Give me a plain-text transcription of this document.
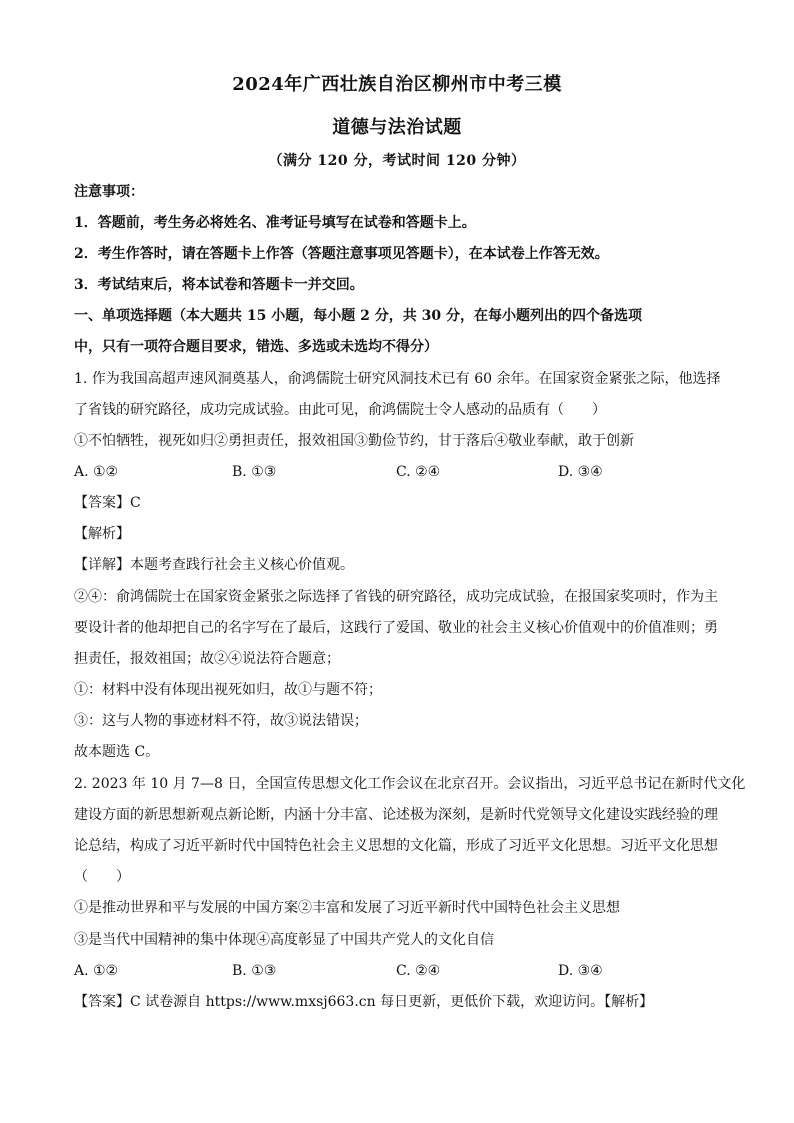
2024年广西壮族自治区柳州市中考三模
道德与法治试题
（满分 120 分，考试时间 120 分钟）
注意事项：
1．答题前，考生务必将姓名、准考证号填写在试卷和答题卡上。
2．考生作答时，请在答题卡上作答（答题注意事项见答题卡），在本试卷上作答无效。
3．考试结束后，将本试卷和答题卡一并交回。
一、单项选择题（本大题共 15 小题，每小题 2 分，共 30 分，在每小题列出的四个备选项
中，只有一项符合题目要求，错选、多选或未选均不得分）
1. 作为我国高超声速风洞奠基人，俞鸿儒院士研究风洞技术已有 60 余年。在国家资金紧张之际，他选择
了省钱的研究路径，成功完成试验。由此可见，俞鸿儒院士令人感动的品质有（　　）
①不怕牺牲，视死如归②勇担责任，报效祖国③勤俭节约，甘于落后④敬业奉献，敢于创新
A. ①②	B. ①③	C. ②④	D. ③④
【答案】C
【解析】
【详解】本题考查践行社会主义核心价值观。
②④：俞鸿儒院士在国家资金紧张之际选择了省钱的研究路径，成功完成试验，在报国家奖项时，作为主
要设计者的他却把自己的名字写在了最后，这践行了爱国、敬业的社会主义核心价值观中的价值准则；勇
担责任，报效祖国；故②④说法符合题意；
①：材料中没有体现出视死如归，故①与题不符；
③：这与人物的事迹材料不符，故③说法错误；
故本题选 C。
2. 2023 年 10 月 7—8 日，全国宣传思想文化工作会议在北京召开。会议指出，习近平总书记在新时代文化
建设方面的新思想新观点新论断，内涵十分丰富、论述极为深刻，是新时代党领导文化建设实践经验的理
论总结，构成了习近平新时代中国特色社会主义思想的文化篇，形成了习近平文化思想。习近平文化思想
（　　）
①是推动世界和平与发展的中国方案②丰富和发展了习近平新时代中国特色社会主义思想
③是当代中国精神的集中体现④高度彰显了中国共产党人的文化自信
A. ①②	B. ①③	C. ②④	D. ③④
【答案】C 试卷源自 https://www.mxsj663.cn 每日更新，更低价下载，欢迎访问。【解析】
